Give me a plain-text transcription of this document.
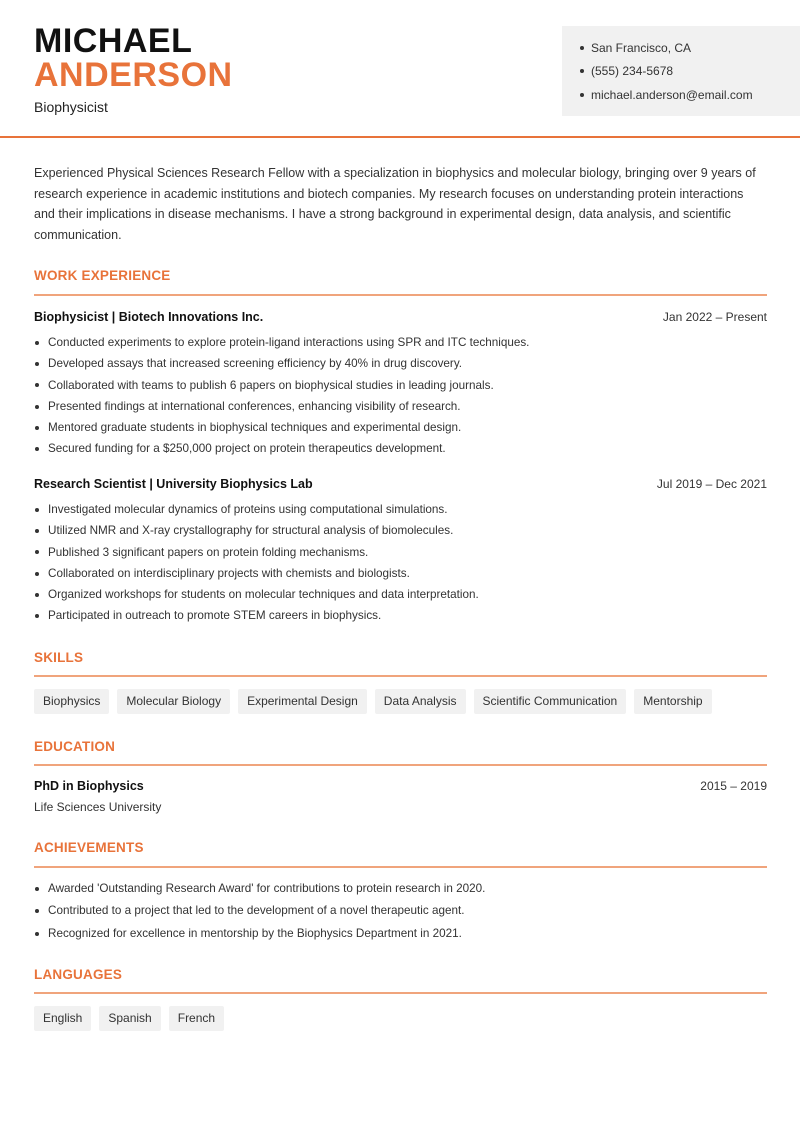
MICHAEL
ANDERSON
Biophysicist
San Francisco, CA
(555) 234-5678
michael.anderson@email.com
Experienced Physical Sciences Research Fellow with a specialization in biophysics and molecular biology, bringing over 9 years of research experience in academic institutions and biotech companies. My research focuses on understanding protein interactions and their implications in disease mechanisms. I have a strong background in experimental design, data analysis, and scientific communication.
WORK EXPERIENCE
Biophysicist | Biotech Innovations Inc.	Jan 2022 – Present
Conducted experiments to explore protein-ligand interactions using SPR and ITC techniques.
Developed assays that increased screening efficiency by 40% in drug discovery.
Collaborated with teams to publish 6 papers on biophysical studies in leading journals.
Presented findings at international conferences, enhancing visibility of research.
Mentored graduate students in biophysical techniques and experimental design.
Secured funding for a $250,000 project on protein therapeutics development.
Research Scientist | University Biophysics Lab	Jul 2019 – Dec 2021
Investigated molecular dynamics of proteins using computational simulations.
Utilized NMR and X-ray crystallography for structural analysis of biomolecules.
Published 3 significant papers on protein folding mechanisms.
Collaborated on interdisciplinary projects with chemists and biologists.
Organized workshops for students on molecular techniques and data interpretation.
Participated in outreach to promote STEM careers in biophysics.
SKILLS
Biophysics	Molecular Biology	Experimental Design	Data Analysis	Scientific Communication	Mentorship
EDUCATION
PhD in Biophysics	2015 – 2019
Life Sciences University
ACHIEVEMENTS
Awarded 'Outstanding Research Award' for contributions to protein research in 2020.
Contributed to a project that led to the development of a novel therapeutic agent.
Recognized for excellence in mentorship by the Biophysics Department in 2021.
LANGUAGES
English	Spanish	French
